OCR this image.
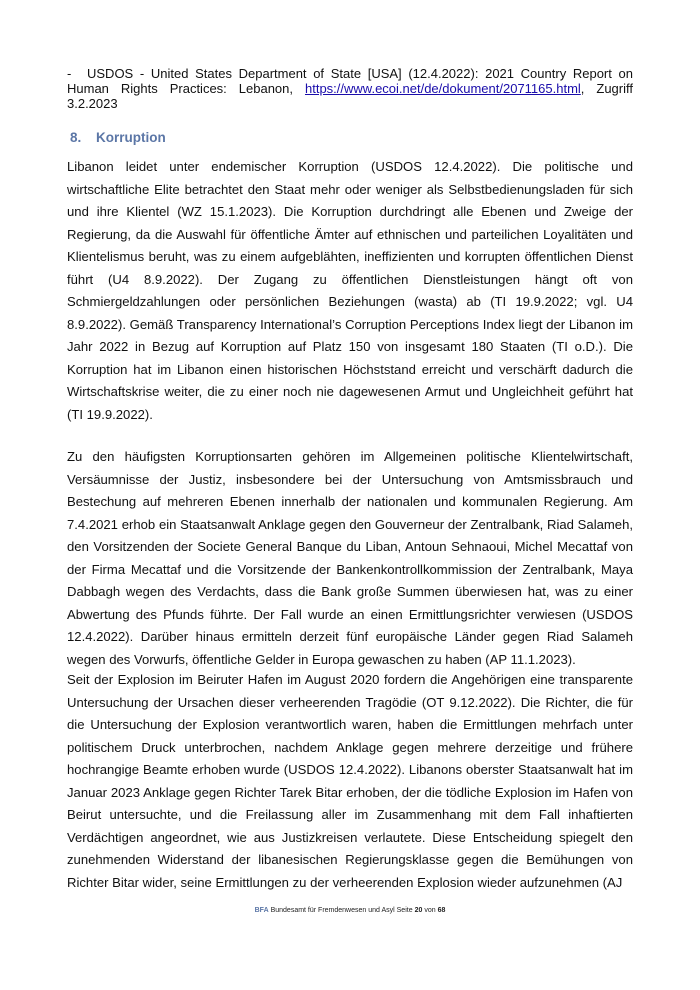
- USDOS - United States Department of State [USA] (12.4.2022): 2021 Country Report on Human Rights Practices: Lebanon, https://www.ecoi.net/de/dokument/2071165.html, Zugriff 3.2.2023

8. Korruption

Libanon leidet unter endemischer Korruption (USDOS 12.4.2022). Die politische und wirtschaftliche Elite betrachtet den Staat mehr oder weniger als Selbstbedienungsladen für sich und ihre Klientel (WZ 15.1.2023). Die Korruption durchdringt alle Ebenen und Zweige der Regierung, da die Auswahl für öffentliche Ämter auf ethnischen und parteilichen Loyalitäten und Klientelismus beruht, was zu einem aufgeblähten, ineffizienten und korrupten öffentlichen Dienst führt (U4 8.9.2022). Der Zugang zu öffentlichen Dienstleistungen hängt oft von Schmiergeldzahlungen oder persönlichen Beziehungen (wasta) ab (TI 19.9.2022; vgl. U4 8.9.2022). Gemäß Transparency International’s Corruption Perceptions Index liegt der Libanon im Jahr 2022 in Bezug auf Korruption auf Platz 150 von insgesamt 180 Staaten (TI o.D.). Die Korruption hat im Libanon einen historischen Höchststand erreicht und verschärft dadurch die Wirtschaftskrise weiter, die zu einer noch nie dagewesenen Armut und Ungleichheit geführt hat (TI 19.9.2022).

Zu den häufigsten Korruptionsarten gehören im Allgemeinen politische Klientelwirtschaft, Versäumnisse der Justiz, insbesondere bei der Untersuchung von Amtsmissbrauch und Bestechung auf mehreren Ebenen innerhalb der nationalen und kommunalen Regierung. Am 7.4.2021 erhob ein Staatsanwalt Anklage gegen den Gouverneur der Zentralbank, Riad Salameh, den Vorsitzenden der Societe General Banque du Liban, Antoun Sehnaoui, Michel Mecattaf von der Firma Mecattaf und die Vorsitzende der Bankenkontrollkommission der Zentralbank, Maya Dabbagh wegen des Verdachts, dass die Bank große Summen überwiesen hat, was zu einer Abwertung des Pfunds führte. Der Fall wurde an einen Ermittlungsrichter verwiesen (USDOS 12.4.2022). Darüber hinaus ermitteln derzeit fünf europäische Länder gegen Riad Salameh wegen des Vorwurfs, öffentliche Gelder in Europa gewaschen zu haben (AP 11.1.2023).

Seit der Explosion im Beiruter Hafen im August 2020 fordern die Angehörigen eine transparente Untersuchung der Ursachen dieser verheerenden Tragödie (OT 9.12.2022). Die Richter, die für die Untersuchung der Explosion verantwortlich waren, haben die Ermittlungen mehrfach unter politischem Druck unterbrochen, nachdem Anklage gegen mehrere derzeitige und frühere hochrangige Beamte erhoben wurde (USDOS 12.4.2022). Libanons oberster Staatsanwalt hat im Januar 2023 Anklage gegen Richter Tarek Bitar erhoben, der die tödliche Explosion im Hafen von Beirut untersuchte, und die Freilassung aller im Zusammenhang mit dem Fall inhaftierten Verdächtigen angeordnet, wie aus Justizkreisen verlautete. Diese Entscheidung spiegelt den zunehmenden Widerstand der libanesischen Regierungsklasse gegen die Bemühungen von Richter Bitar wider, seine Ermittlungen zu der verheerenden Explosion wieder aufzunehmen (AJ

BFA Bundesamt für Fremdenwesen und Asyl Seite 20 von 68
